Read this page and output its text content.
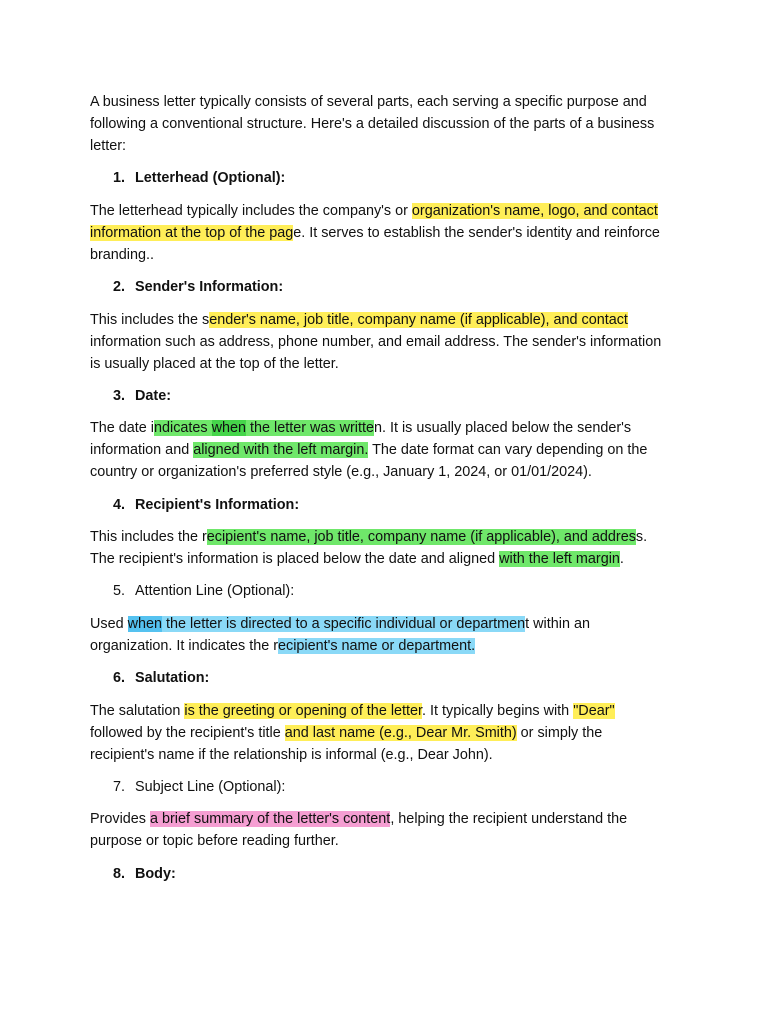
A business letter typically consists of several parts, each serving a specific purpose and
following a conventional structure. Here's a detailed discussion of the parts of a business
letter:

1. Letterhead (Optional):

The letterhead typically includes the company's or organization's name, logo, and contact
information at the top of the page. It serves to establish the sender's identity and reinforce
branding..

2. Sender's Information:

This includes the sender's name, job title, company name (if applicable), and contact
information such as address, phone number, and email address. The sender's information
is usually placed at the top of the letter.

3. Date:

The date indicates when the letter was written. It is usually placed below the sender's
information and aligned with the left margin. The date format can vary depending on the
country or organization's preferred style (e.g., January 1, 2024, or 01/01/2024).

4. Recipient's Information:

This includes the recipient's name, job title, company name (if applicable), and address.
The recipient's information is placed below the date and aligned with the left margin.

5. Attention Line (Optional):

Used when the letter is directed to a specific individual or department within an
organization. It indicates the recipient's name or department.

6. Salutation:

The salutation is the greeting or opening of the letter. It typically begins with "Dear"
followed by the recipient's title and last name (e.g., Dear Mr. Smith) or simply the
recipient's name if the relationship is informal (e.g., Dear John).

7. Subject Line (Optional):

Provides a brief summary of the letter's content, helping the recipient understand the
purpose or topic before reading further.

8. Body:
